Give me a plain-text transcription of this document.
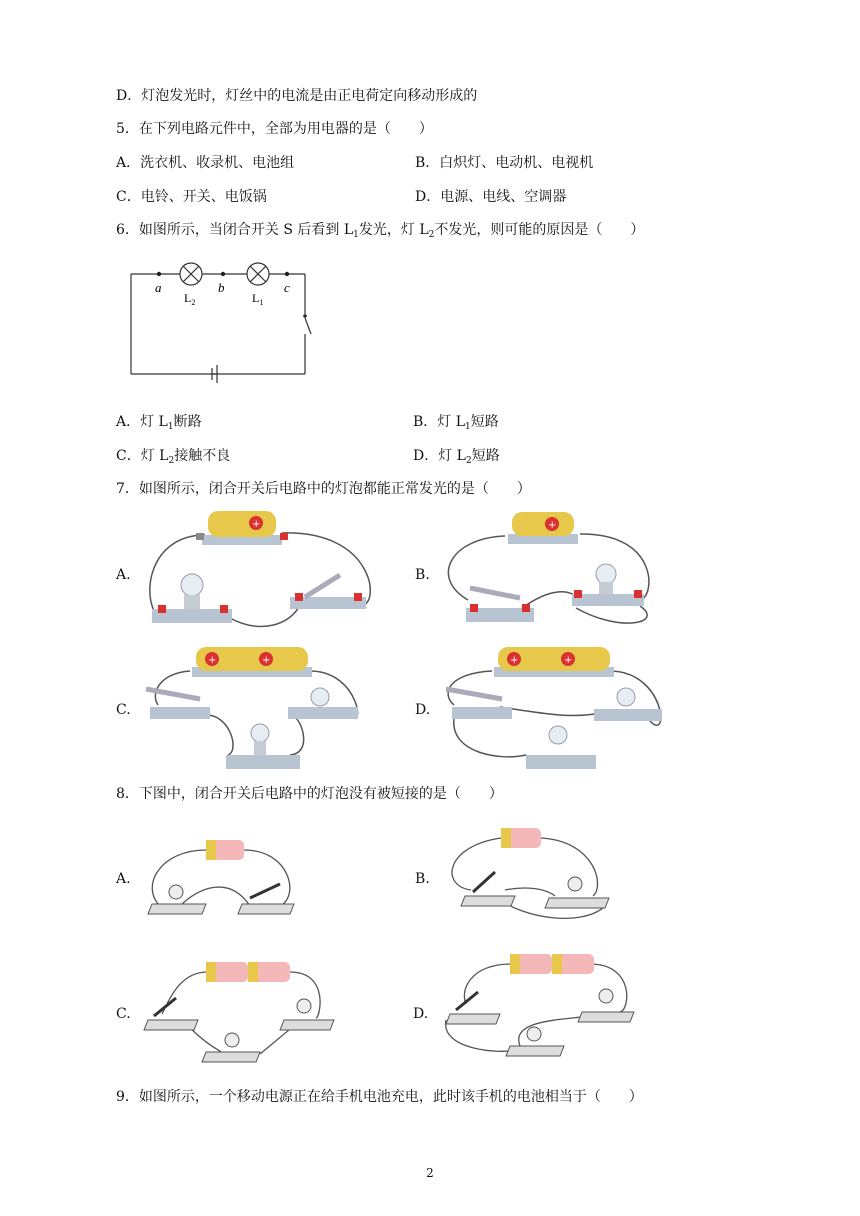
D．灯泡发光时，灯丝中的电流是由正电荷定向移动形成的
5．在下列电路元件中，全部为用电器的是（　　）
A．洗衣机、收录机、电池组	B．白炽灯、电动机、电视机
C．电铃、开关、电饭锅	D．电源、电线、空调器
6．如图所示，当闭合开关 S 后看到 $L_1$发光，灯 $L_2$不发光，则可能的原因是（　　）
a	b	c
$L_2$	$L_1$
A．灯 $L_1$断路	B．灯 $L_1$短路
C．灯 $L_2$接触不良	D．灯 $L_2$短路
7．如图所示，闭合开关后电路中的灯泡都能正常发光的是（　　）
A.	B.
C.	D.
+	+
+	+	+	+
8．下图中，闭合开关后电路中的灯泡没有被短接的是（　　）
A.	B.
C.	D.
9．如图所示，一个移动电源正在给手机电池充电，此时该手机的电池相当于（　　）
2
